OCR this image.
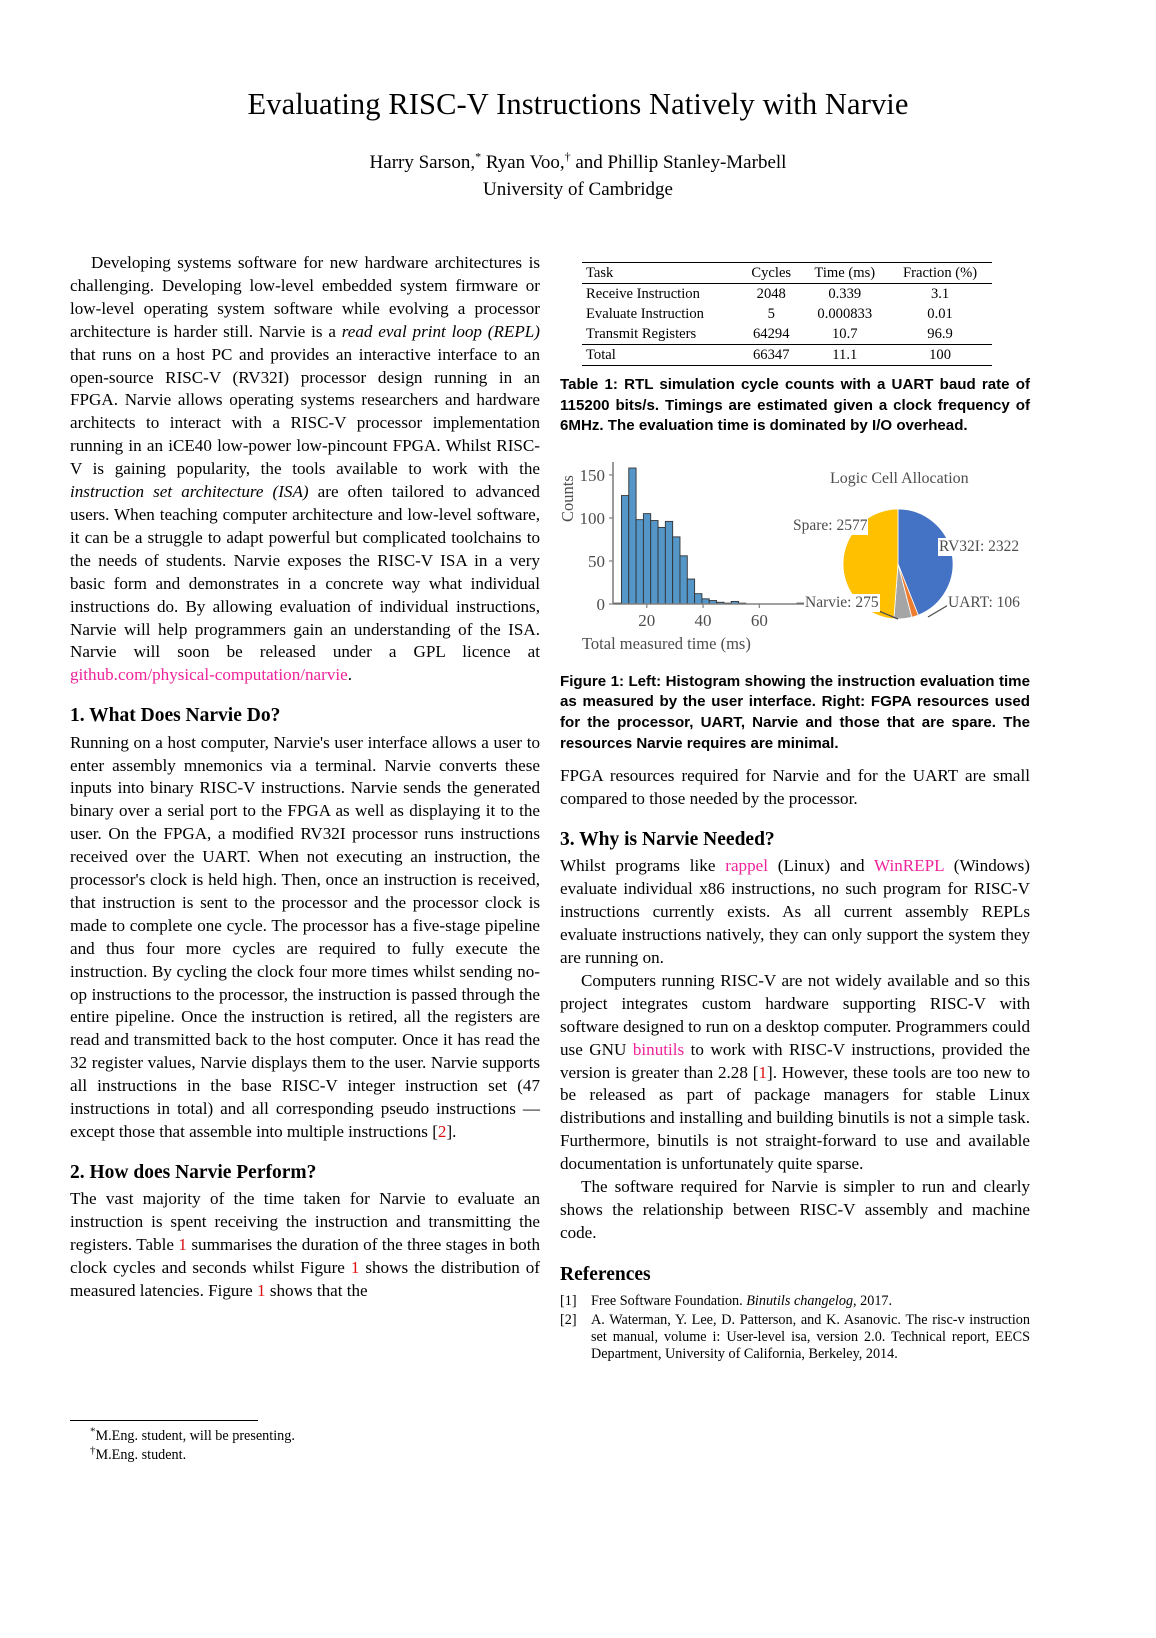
Evaluating RISC-V Instructions Natively with Narvie
Harry Sarson,* Ryan Voo,† and Phillip Stanley-Marbell
University of Cambridge

Developing systems software for new hardware architectures is challenging. Developing low-level embedded system firmware or low-level operating system software while evolving a processor architecture is harder still. Narvie is a read eval print loop (REPL) that runs on a host PC and provides an interactive interface to an open-source RISC-V (RV32I) processor design running in an FPGA. Narvie allows operating systems researchers and hardware architects to interact with a RISC-V processor implementation running in an iCE40 low-power low-pincount FPGA. Whilst RISC-V is gaining popularity, the tools available to work with the instruction set architecture (ISA) are often tailored to advanced users. When teaching computer architecture and low-level software, it can be a struggle to adapt powerful but complicated toolchains to the needs of students. Narvie exposes the RISC-V ISA in a very basic form and demonstrates in a concrete way what individual instructions do. By allowing evaluation of individual instructions, Narvie will help programmers gain an understanding of the ISA. Narvie will soon be released under a GPL licence at github.com/physical-computation/narvie.

1. What Does Narvie Do?

Running on a host computer, Narvie's user interface allows a user to enter assembly mnemonics via a terminal. Narvie converts these inputs into binary RISC-V instructions. Narvie sends the generated binary over a serial port to the FPGA as well as displaying it to the user. On the FPGA, a modified RV32I processor runs instructions received over the UART. When not executing an instruction, the processor's clock is held high. Then, once an instruction is received, that instruction is sent to the processor and the processor clock is made to complete one cycle. The processor has a five-stage pipeline and thus four more cycles are required to fully execute the instruction. By cycling the clock four more times whilst sending no-op instructions to the processor, the instruction is passed through the entire pipeline. Once the instruction is retired, all the registers are read and transmitted back to the host computer. Once it has read the 32 register values, Narvie displays them to the user. Narvie supports all instructions in the base RISC-V integer instruction set (47 instructions in total) and all corresponding pseudo instructions — except those that assemble into multiple instructions [2].

2. How does Narvie Perform?

The vast majority of the time taken for Narvie to evaluate an instruction is spent receiving the instruction and transmitting the registers. Table 1 summarises the duration of the three stages in both clock cycles and seconds whilst Figure 1 shows the distribution of measured latencies. Figure 1 shows that the

Task	Cycles	Time (ms)	Fraction (%)
Receive Instruction	2048	0.339	3.1
Evaluate Instruction	5	0.000833	0.01
Transmit Registers	64294	10.7	96.9
Total	66347	11.1	100

Table 1: RTL simulation cycle counts with a UART baud rate of 115200 bits/s. Timings are estimated given a clock frequency of 6MHz. The evaluation time is dominated by I/O overhead.

0
50
100
150
20 40 60
Counts
Total measured time (ms)
Logic Cell Allocation
Spare: 2577
RV32I: 2322
UART: 106
Narvie: 275

Figure 1: Left: Histogram showing the instruction evaluation time as measured by the user interface. Right: FGPA resources used for the processor, UART, Narvie and those that are spare. The resources Narvie requires are minimal.

FPGA resources required for Narvie and for the UART are small compared to those needed by the processor.

3. Why is Narvie Needed?

Whilst programs like rappel (Linux) and WinREPL (Windows) evaluate individual x86 instructions, no such program for RISC-V instructions currently exists. As all current assembly REPLs evaluate instructions natively, they can only support the system they are running on.

Computers running RISC-V are not widely available and so this project integrates custom hardware supporting RISC-V with software designed to run on a desktop computer. Programmers could use GNU binutils to work with RISC-V instructions, provided the version is greater than 2.28 [1]. However, these tools are too new to be released as part of package managers for stable Linux distributions and installing and building binutils is not a simple task. Furthermore, binutils is not straight-forward to use and available documentation is unfortunately quite sparse.

The software required for Narvie is simpler to run and clearly shows the relationship between RISC-V assembly and machine code.

References
[1]	Free Software Foundation. Binutils changelog, 2017.
[2]	A. Waterman, Y. Lee, D. Patterson, and K. Asanovic. The risc-v instruction set manual, volume i: User-level isa, version 2.0. Technical report, EECS Department, University of California, Berkeley, 2014.

*M.Eng. student, will be presenting.

†M.Eng. student.
